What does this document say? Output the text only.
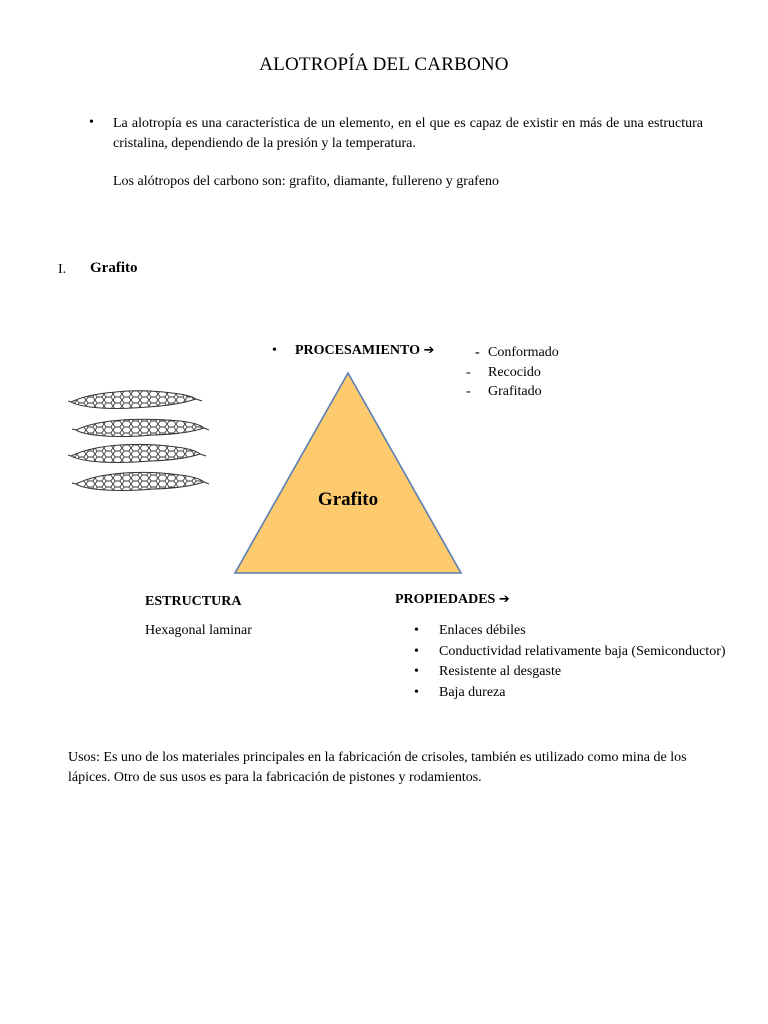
ALOTROPÍA DEL CARBONO
• La alotropía es una característica de un elemento, en el que es capaz de existir en más de una estructura cristalina, dependiendo de la presión y la temperatura.
Los alótropos del carbono son: grafito, diamante, fullereno y grafeno
I. Grafito
Grafito
• PROCESAMIENTO ➔	- Conformado
- Recocido
- Grafitado
ESTRUCTURA
Hexagonal laminar
PROPIEDADES ➔
• Enlaces débiles
• Conductividad relativamente baja (Semiconductor)
• Resistente al desgaste
• Baja dureza
Usos: Es uno de los materiales principales en la fabricación de crisoles, también es utilizado como mina de los lápices. Otro de sus usos es para la fabricación de pistones y rodamientos.
